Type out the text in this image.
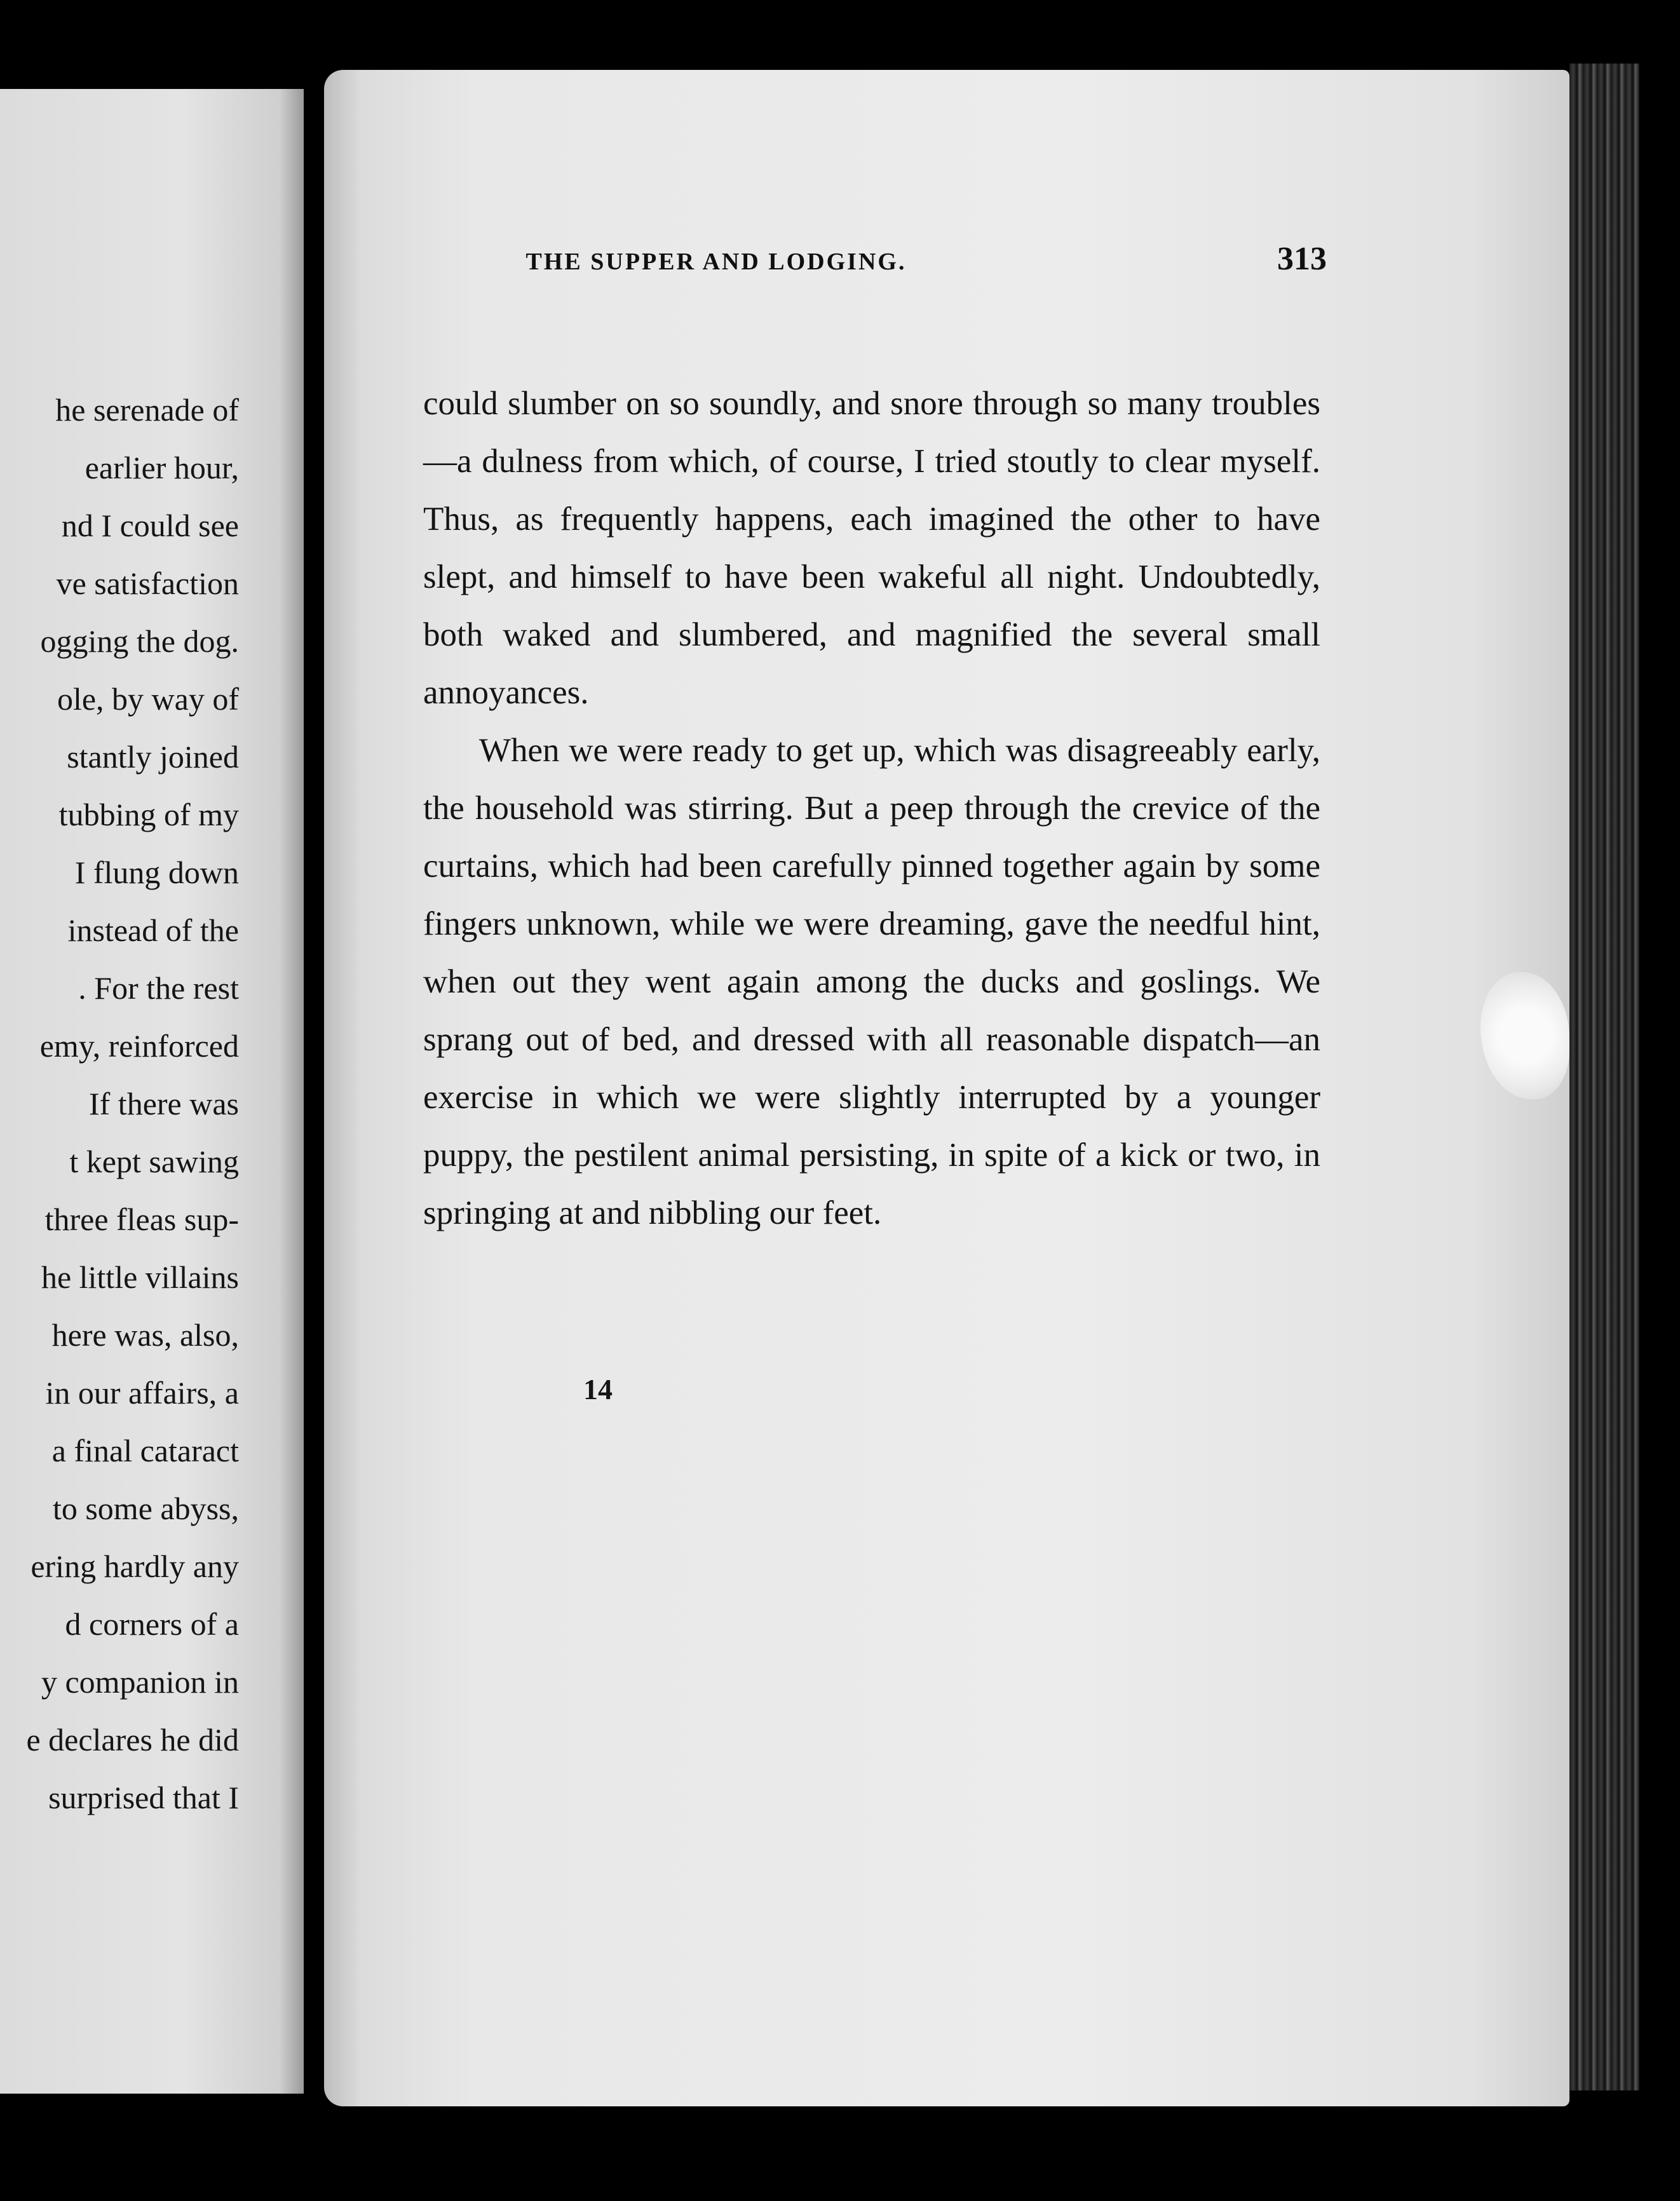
he serenade of
earlier hour,
nd I could see
ve satisfaction
ogging the dog.
ole, by way of
stantly joined
tubbing of my
I flung down
instead of the
. For the rest
emy, reinforced
If there was
t kept sawing
three fleas sup-
he little villains
here was, also,
in our affairs, a
a final cataract
to some abyss,
ering hardly any
d corners of a
y companion in
e declares he did
surprised that I
THE SUPPER AND LODGING.	313

could slumber on so soundly, and snore through so many troubles—a dulness from which, of course, I tried stoutly to clear myself. Thus, as frequently happens, each imagined the other to have slept, and himself to have been wakeful all night. Undoubtedly, both waked and slumbered, and magnified the several small annoyances.

When we were ready to get up, which was disagreeably early, the household was stirring. But a peep through the crevice of the curtains, which had been carefully pinned together again by some fingers unknown, while we were dreaming, gave the needful hint, when out they went again among the ducks and goslings. We sprang out of bed, and dressed with all reasonable dispatch—an exercise in which we were slightly interrupted by a younger puppy, the pestilent animal persisting, in spite of a kick or two, in springing at and nibbling our feet.

14
